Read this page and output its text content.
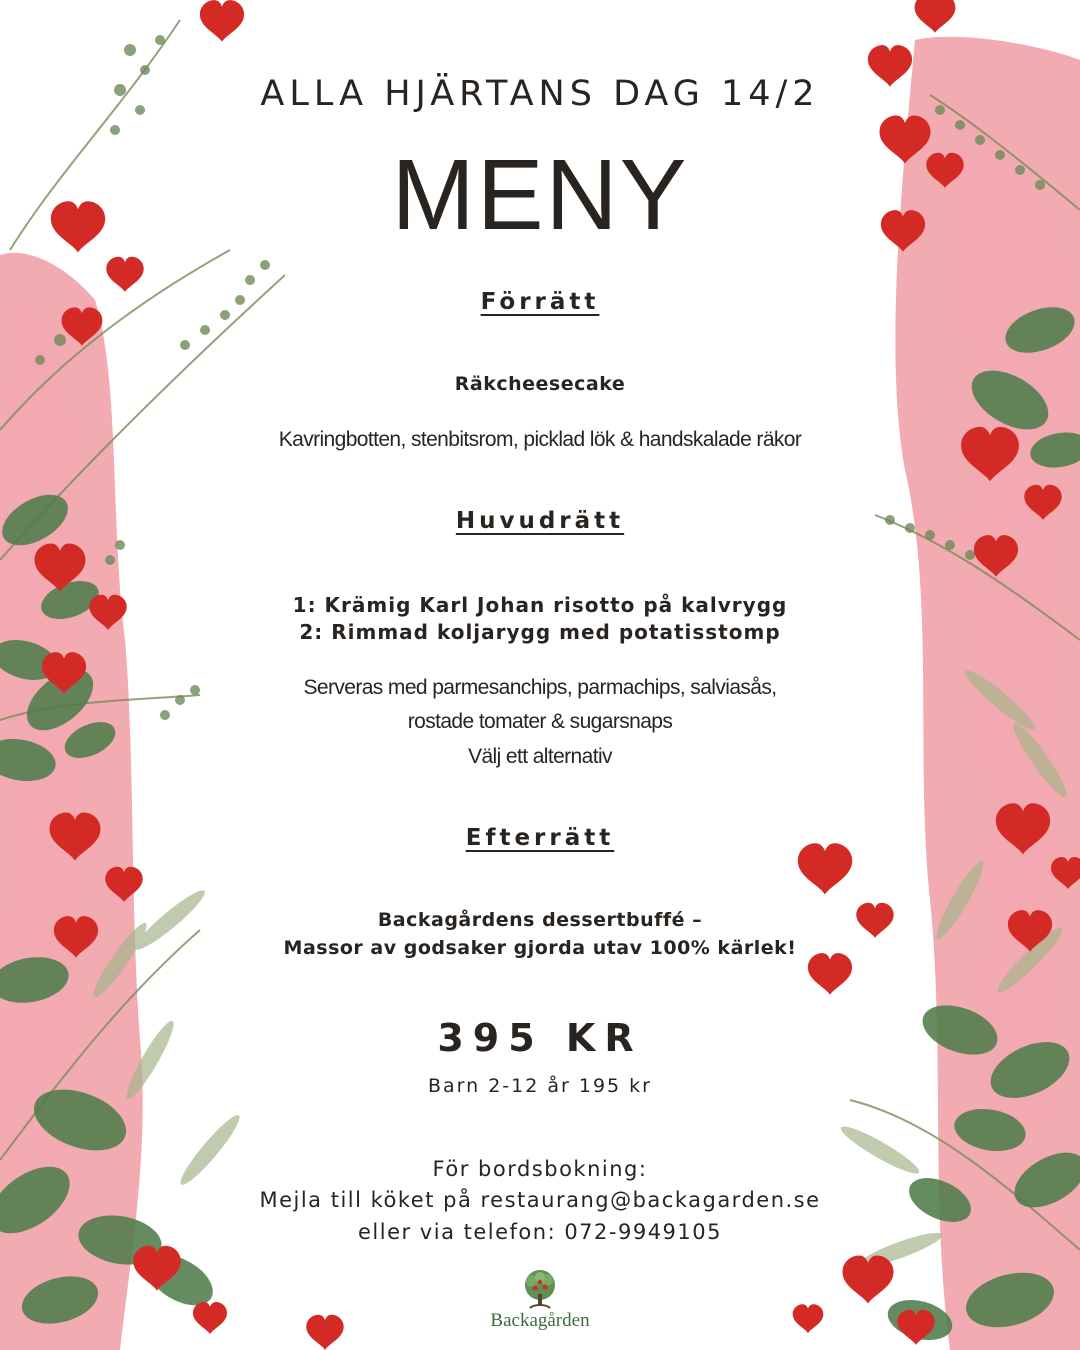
ALLA HJÄRTANS DAG 14/2

MENY

Förrätt

Räkcheesecake

Kavringbotten, stenbitsrom, picklad lök & handskalade räkor

Huvudrätt

1: Krämig Karl Johan risotto på kalvrygg

2: Rimmad koljarygg med potatisstomp

Serveras med parmesanchips, parmachips, salviasås,

rostade tomater & sugarsnaps

Välj ett alternativ

Efterrätt

Backagårdens dessertbuffé –

Massor av godsaker gjorda utav 100% kärlek!

395 KR

Barn 2-12 år 195 kr

För bordsbokning:

Mejla till köket på restaurang@backagarden.se

eller via telefon: 072-9949105

Backagården
